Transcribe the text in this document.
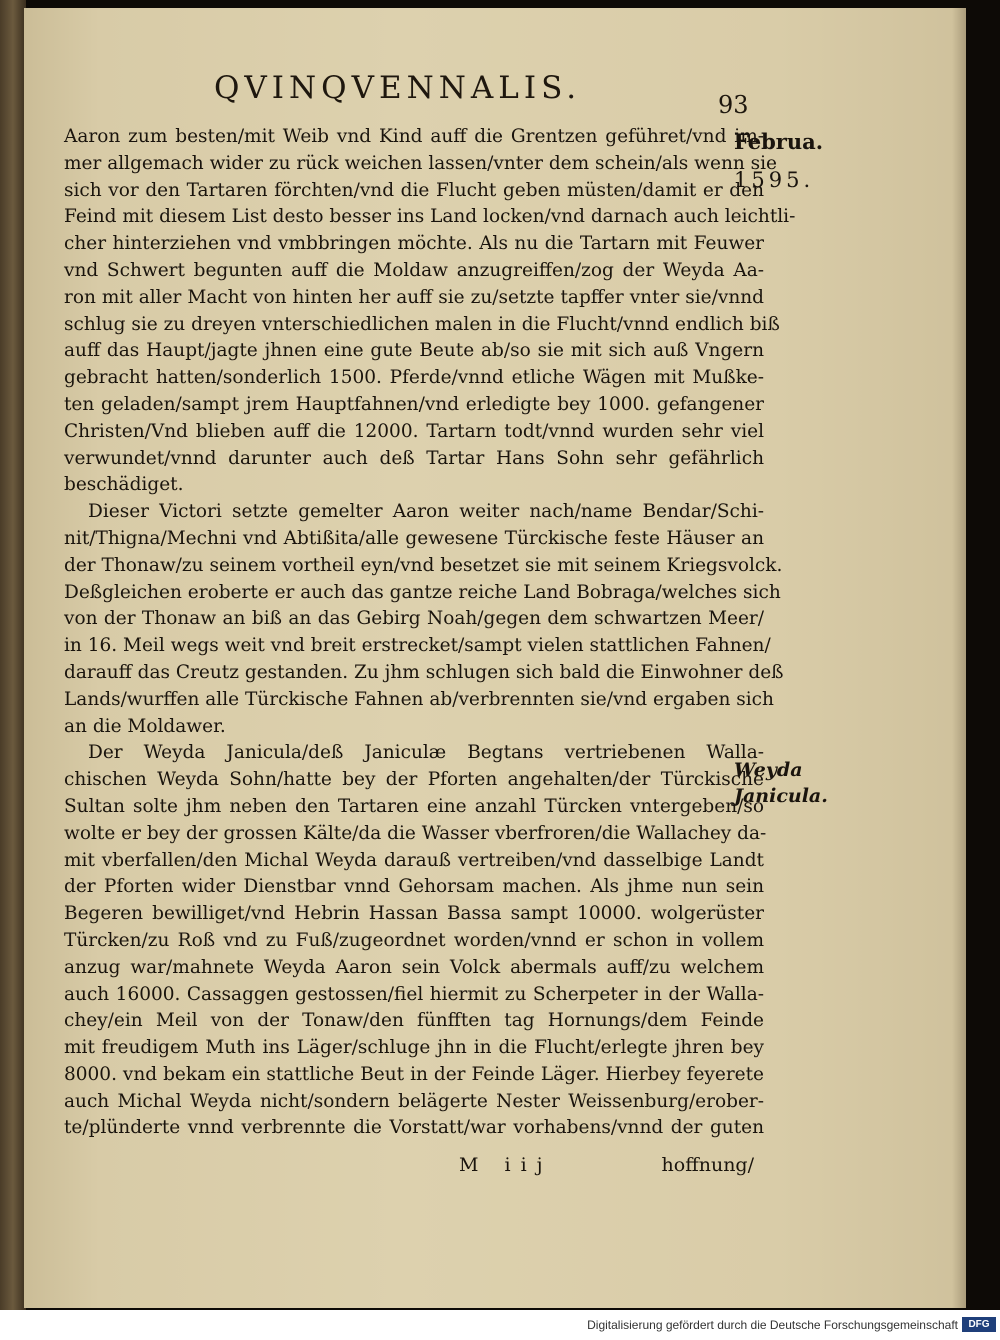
QVINQVENNALIS.	93
Februa.
1595.
Weyda
Janicula.
Aaron zum besten/mit Weib vnd Kind auff die Grentzen geführet/vnd im-
mer allgemach wider zu rück weichen lassen/vnter dem schein/als wenn sie
sich vor den Tartaren förchten/vnd die Flucht geben müsten/damit er den
Feind mit diesem List desto besser ins Land locken/vnd darnach auch leichtli-
cher hinterziehen vnd vmbbringen möchte. Als nu die Tartarn mit Feuwer
vnd Schwert begunten auff die Moldaw anzugreiffen/zog der Weyda Aa-
ron mit aller Macht von hinten her auff sie zu/setzte tapffer vnter sie/vnnd
schlug sie zu dreyen vnterschiedlichen malen in die Flucht/vnnd endlich biß
auff das Haupt/jagte jhnen eine gute Beute ab/so sie mit sich auß Vngern
gebracht hatten/sonderlich 1500. Pferde/vnnd etliche Wägen mit Mußke-
ten geladen/sampt jrem Hauptfahnen/vnd erledigte bey 1000. gefangener
Christen/Vnd blieben auff die 12000. Tartarn todt/vnnd wurden sehr viel
verwundet/vnnd darunter auch deß Tartar Hans Sohn sehr gefährlich
beschädiget.
Dieser Victori setzte gemelter Aaron weiter nach/name Bendar/Schi-
nit/Thigna/Mechni vnd Abtißita/alle gewesene Türckische feste Häuser an
der Thonaw/zu seinem vortheil eyn/vnd besetzet sie mit seinem Kriegsvolck.
Deßgleichen eroberte er auch das gantze reiche Land Bobraga/welches sich
von der Thonaw an biß an das Gebirg Noah/gegen dem schwartzen Meer/
in 16. Meil wegs weit vnd breit erstrecket/sampt vielen stattlichen Fahnen/
darauff das Creutz gestanden. Zu jhm schlugen sich bald die Einwohner deß
Lands/wurffen alle Türckische Fahnen ab/verbrennten sie/vnd ergaben sich
an die Moldawer.
Der Weyda Janicula/deß Janiculæ Begtans vertriebenen Walla-
chischen Weyda Sohn/hatte bey der Pforten angehalten/der Türckische
Sultan solte jhm neben den Tartaren eine anzahl Türcken vntergeben/so
wolte er bey der grossen Kälte/da die Wasser vberfroren/die Wallachey da-
mit vberfallen/den Michal Weyda darauß vertreiben/vnd dasselbige Landt
der Pforten wider Dienstbar vnnd Gehorsam machen. Als jhme nun sein
Begeren bewilliget/vnd Hebrin Hassan Bassa sampt 10000. wolgerüster
Türcken/zu Roß vnd zu Fuß/zugeordnet worden/vnnd er schon in vollem
anzug war/mahnete Weyda Aaron sein Volck abermals auff/zu welchem
auch 16000. Cassaggen gestossen/fiel hiermit zu Scherpeter in der Walla-
chey/ein Meil von der Tonaw/den fünfften tag Hornungs/dem Feinde
mit freudigem Muth ins Läger/schluge jhn in die Flucht/erlegte jhren bey
8000. vnd bekam ein stattliche Beut in der Feinde Läger. Hierbey feyerete
auch Michal Weyda nicht/sondern belägerte Nester Weissenburg/erober-
te/plünderte vnnd verbrennte die Vorstatt/war vorhabens/vnnd der guten
M iij	hoffnung/
Digitalisierung gefördert durch die Deutsche Forschungsgemeinschaft	DFG
